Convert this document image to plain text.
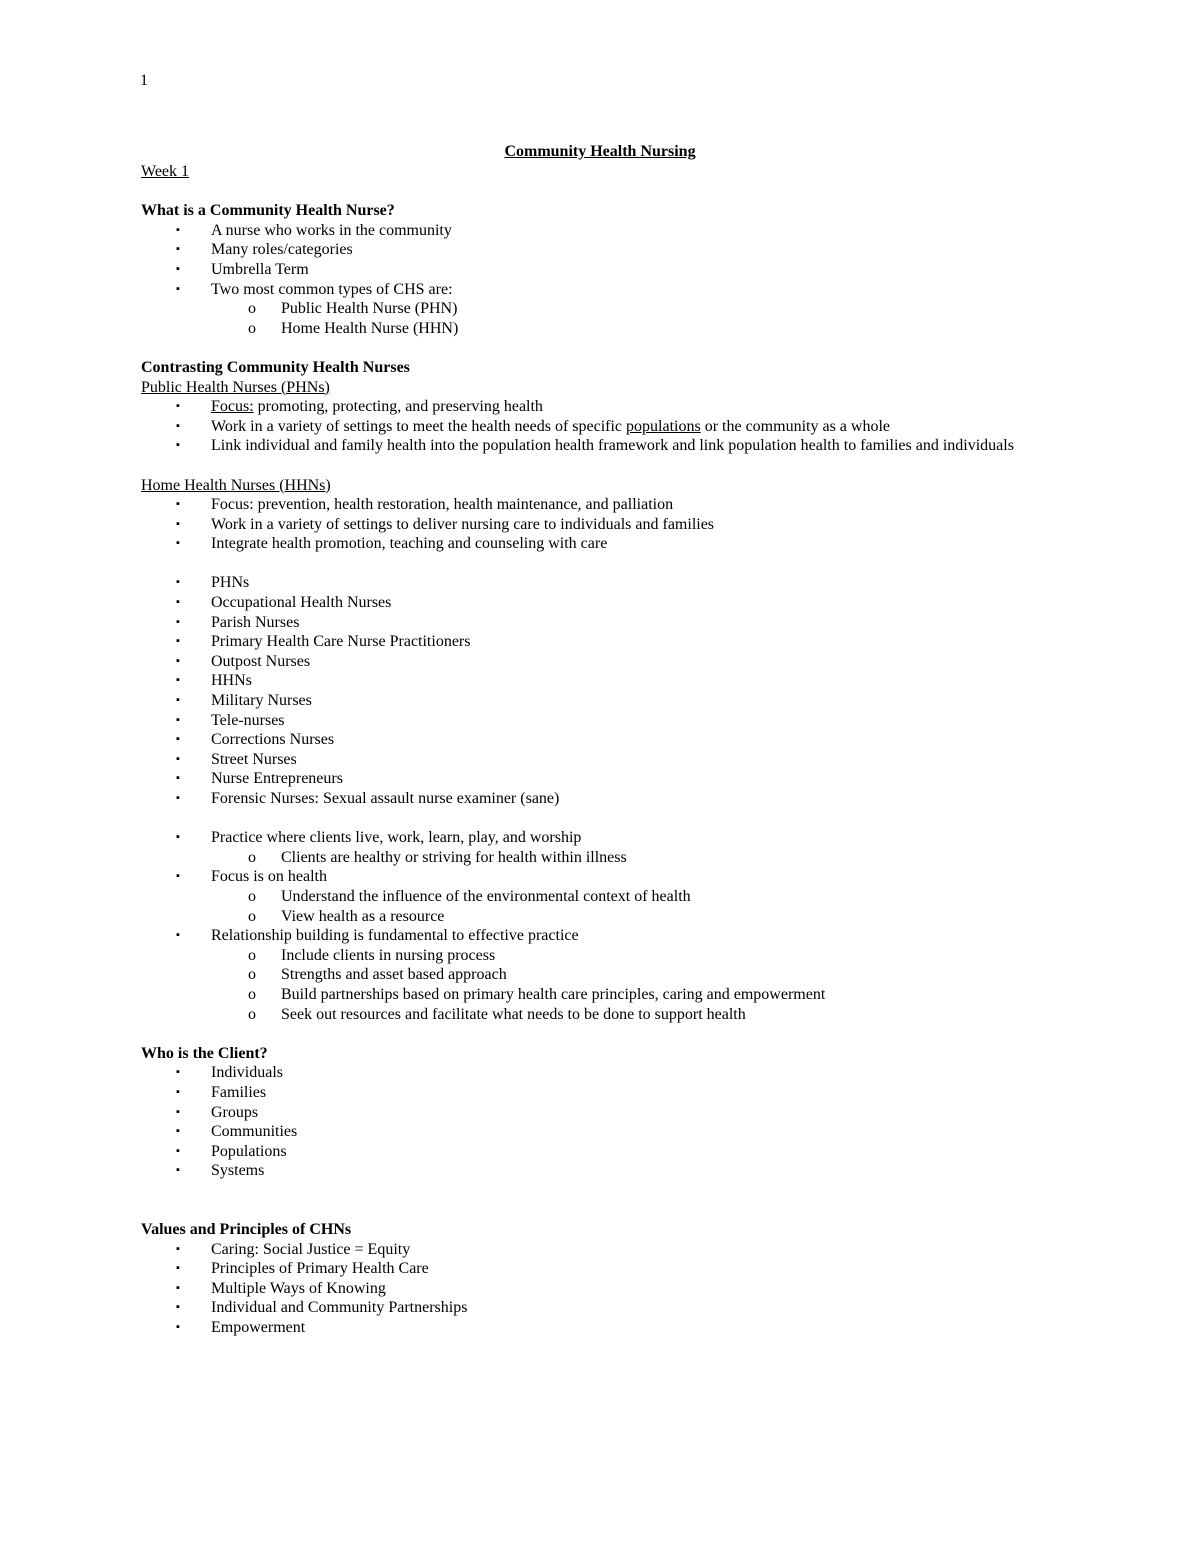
1
Community Health Nursing
Week 1
What is a Community Health Nurse?
▪ A nurse who works in the community
▪ Many roles/categories
▪ Umbrella Term
▪ Two most common types of CHS are:
o Public Health Nurse (PHN)
o Home Health Nurse (HHN)
Contrasting Community Health Nurses
Public Health Nurses (PHNs)
▪ Focus: promoting, protecting, and preserving health
▪ Work in a variety of settings to meet the health needs of specific populations or the community as a whole
▪ Link individual and family health into the population health framework and link population health to families and individuals
Home Health Nurses (HHNs)
▪ Focus: prevention, health restoration, health maintenance, and palliation
▪ Work in a variety of settings to deliver nursing care to individuals and families
▪ Integrate health promotion, teaching and counseling with care
▪ PHNs
▪ Occupational Health Nurses
▪ Parish Nurses
▪ Primary Health Care Nurse Practitioners
▪ Outpost Nurses
▪ HHNs
▪ Military Nurses
▪ Tele-nurses
▪ Corrections Nurses
▪ Street Nurses
▪ Nurse Entrepreneurs
▪ Forensic Nurses: Sexual assault nurse examiner (sane)
▪ Practice where clients live, work, learn, play, and worship
o Clients are healthy or striving for health within illness
▪ Focus is on health
o Understand the influence of the environmental context of health
o View health as a resource
▪ Relationship building is fundamental to effective practice
o Include clients in nursing process
o Strengths and asset based approach
o Build partnerships based on primary health care principles, caring and empowerment
o Seek out resources and facilitate what needs to be done to support health
Who is the Client?
▪ Individuals
▪ Families
▪ Groups
▪ Communities
▪ Populations
▪ Systems
Values and Principles of CHNs
▪ Caring: Social Justice = Equity
▪ Principles of Primary Health Care
▪ Multiple Ways of Knowing
▪ Individual and Community Partnerships
▪ Empowerment
